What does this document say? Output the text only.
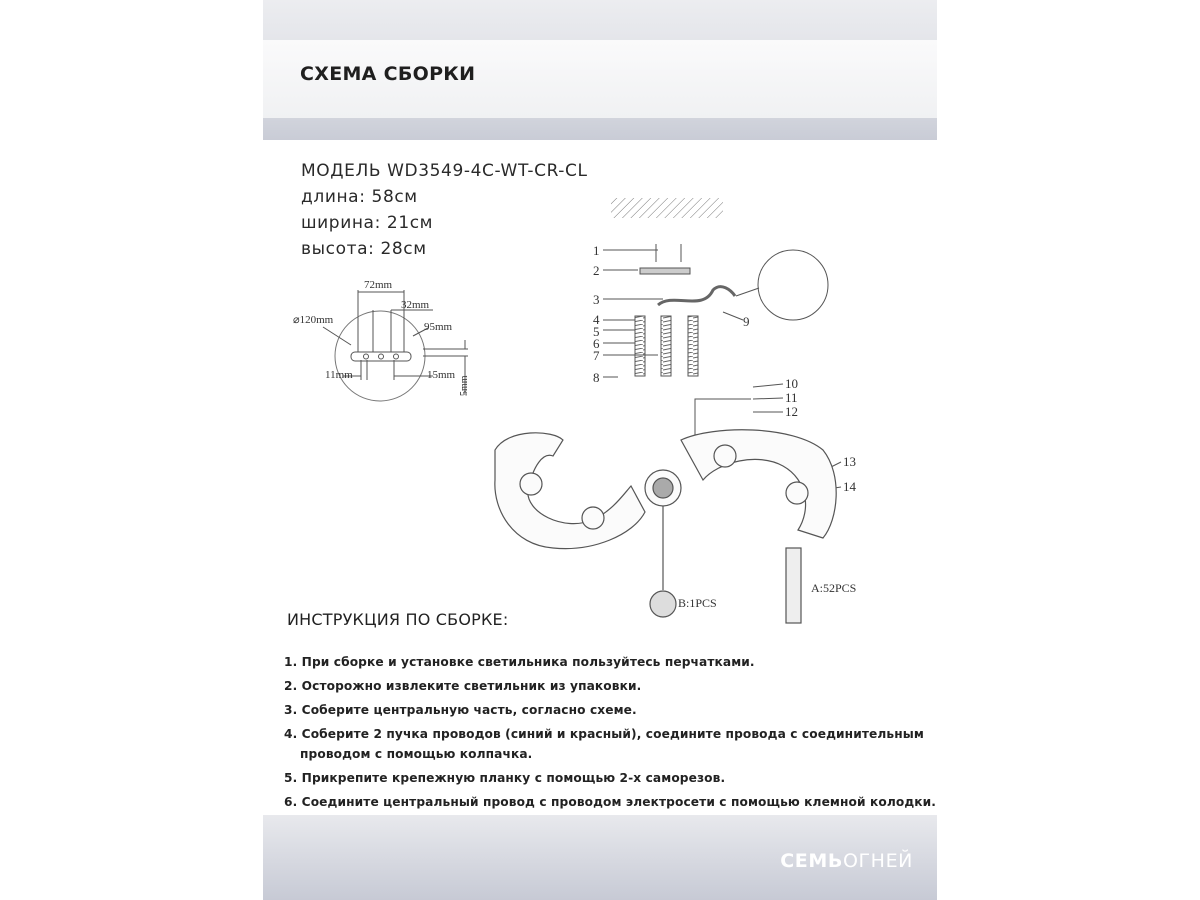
СХЕМА СБОРКИ
МОДЕЛЬ WD3549-4C-WT-CR-CL
длина: 58см
ширина: 21см
высота: 28см
72mm
32mm
⌀120mm
95mm
11mm	15mm
5mm
1
2
3
4
5
6
7
8
9
10
11
12
13
14
B:1PCS
A:52PCS
ИНСТРУКЦИЯ ПО СБОРКЕ:
1. При сборке и установке светильника пользуйтесь перчатками.
2. Осторожно извлеките светильник из упаковки.
3. Соберите центральную часть, согласно схеме.
4. Соберите 2 пучка проводов (синий и красный), соедините провода с соединительным
проводом с помощью колпачка.
5. Прикрепите крепежную планку с помощью 2-х саморезов.
6. Соедините центральный провод с проводом электросети с помощью клемной колодки.
СЕМЬОГНЕЙ
